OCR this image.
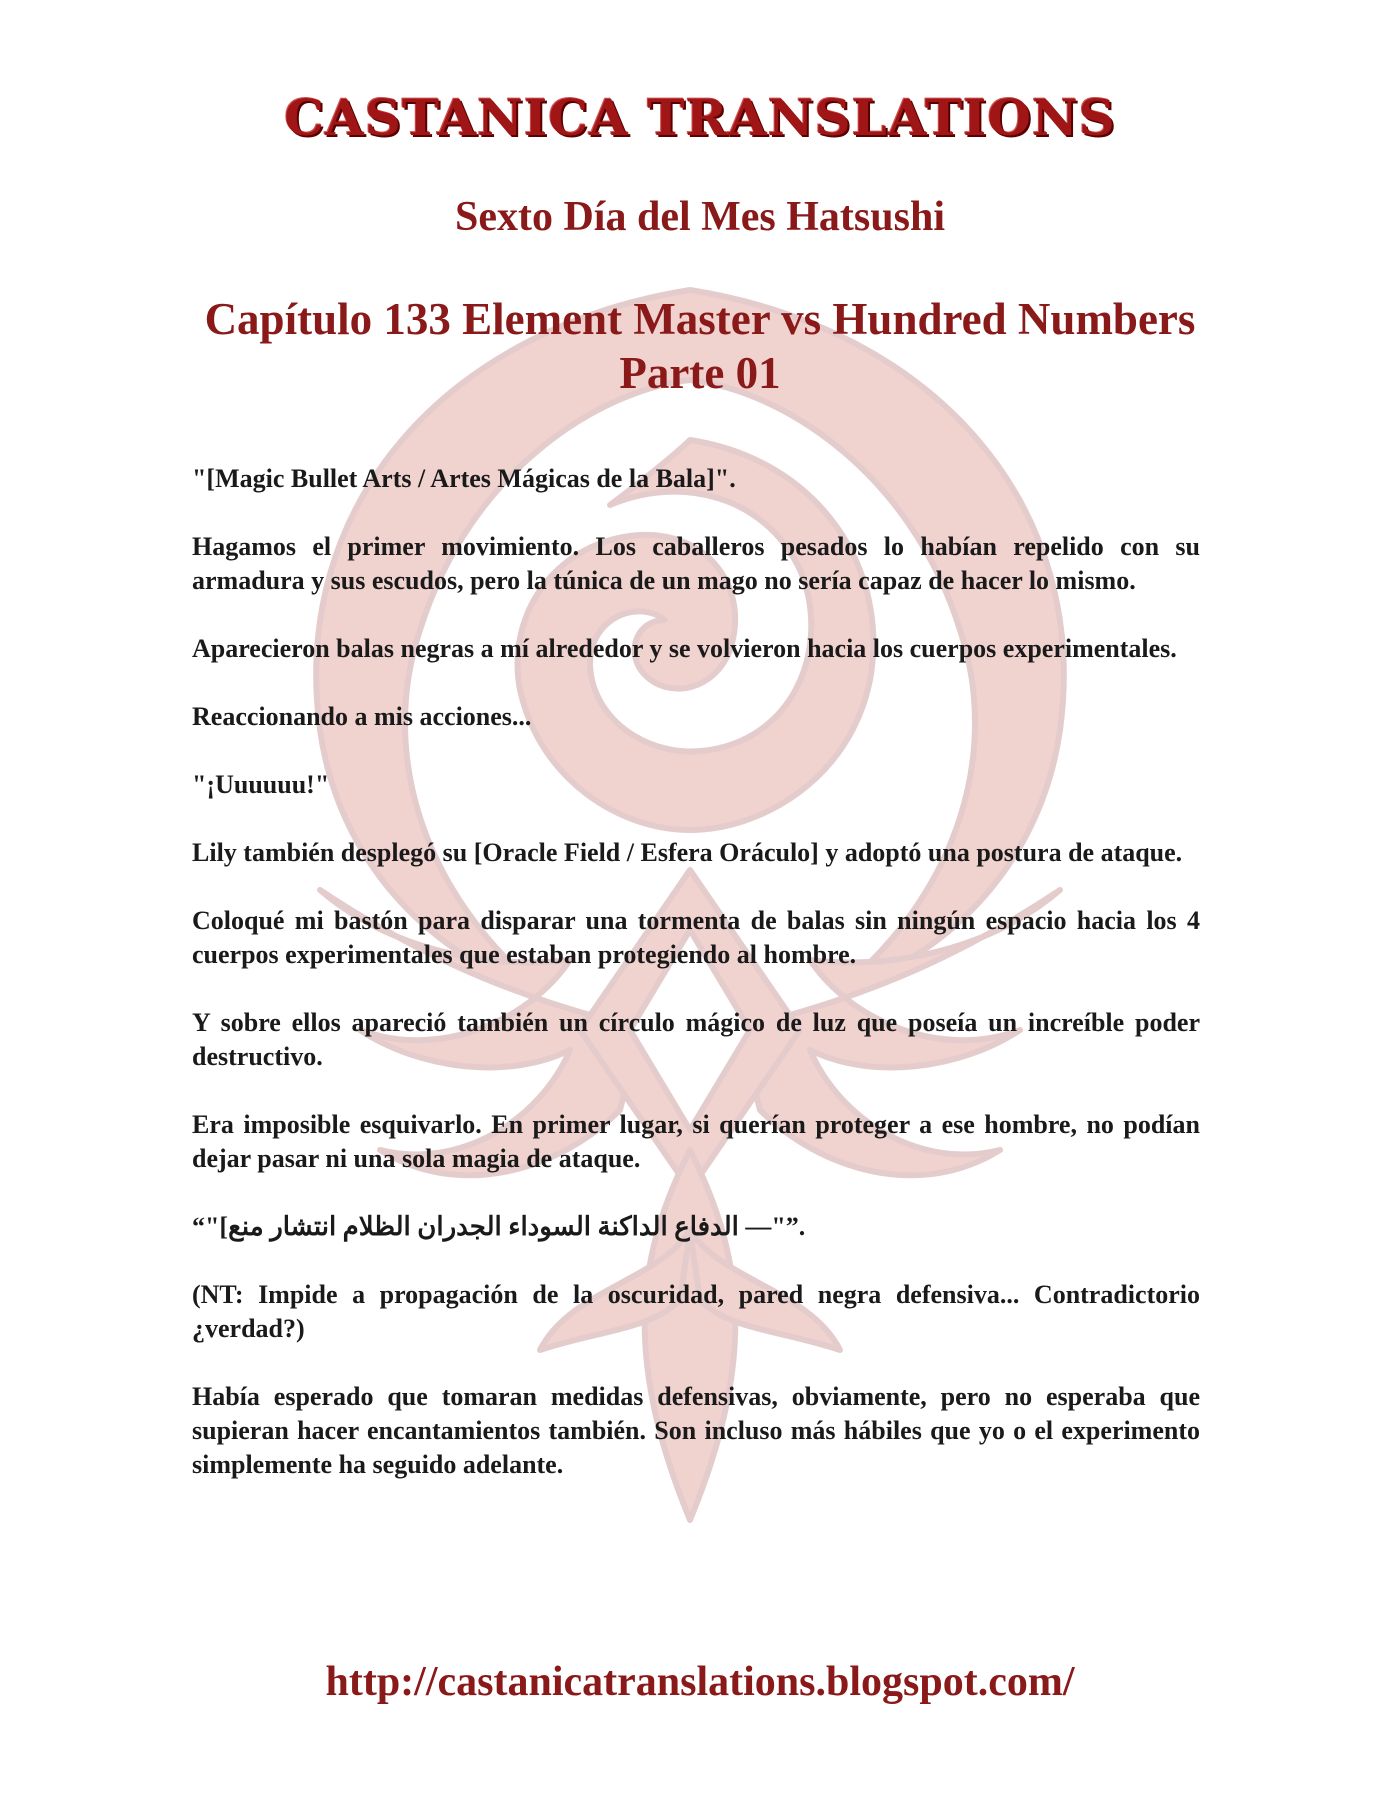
CASTANICA TRANSLATIONS
Sexto Día del Mes Hatsushi
Capítulo 133 Element Master vs Hundred Numbers
Parte 01

"[Magic Bullet Arts / Artes Mágicas de la Bala]".

Hagamos el primer movimiento. Los caballeros pesados lo habían repelido con su armadura y sus escudos, pero la túnica de un mago no sería capaz de hacer lo mismo.

Aparecieron balas negras a mí alrededor y se volvieron hacia los cuerpos experimentales.

Reaccionando a mis acciones...

"¡Uuuuuu!"

Lily también desplegó su [Oracle Field / Esfera Oráculo] y adoptó una postura de ataque.

Coloqué mi bastón para disparar una tormenta de balas sin ningún espacio hacia los 4 cuerpos experimentales que estaban protegiendo al hombre.

Y sobre ellos apareció también un círculo mágico de luz que poseía un increíble poder destructivo.

Era imposible esquivarlo. En primer lugar, si querían proteger a ese hombre, no podían dejar pasar ni una sola magia de ataque.

“"[الدفاع الداكنة السوداء الجدران الظلام انتشار منع —"”.

(NT: Impide a propagación de la oscuridad, pared negra defensiva... Contradictorio ¿verdad?)

Había esperado que tomaran medidas defensivas, obviamente, pero no esperaba que supieran hacer encantamientos también. Son incluso más hábiles que yo o el experimento simplemente ha seguido adelante.

http://castanicatranslations.blogspot.com/
